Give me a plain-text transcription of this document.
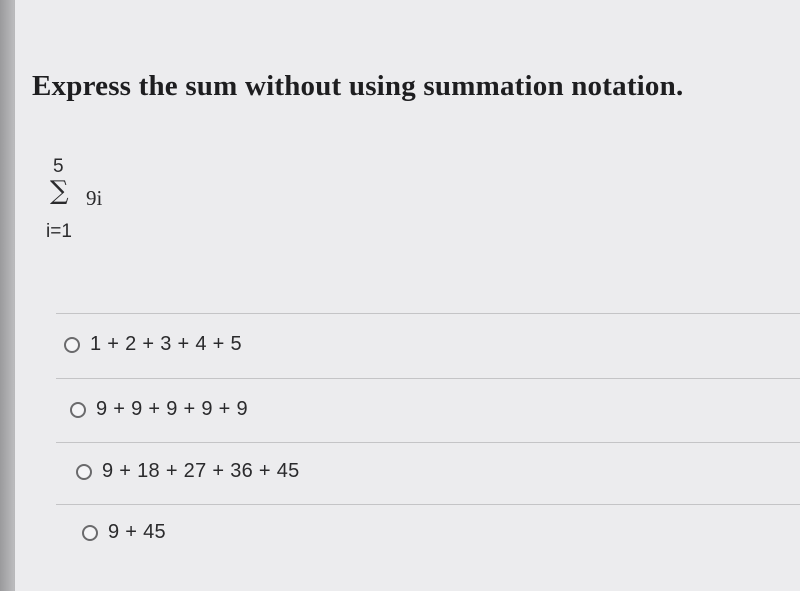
Express the sum without using summation notation.
5
∑ 9i
i=1
1 + 2 + 3 + 4 + 5
9 + 9 + 9 + 9 + 9
9 + 18 + 27 + 36 + 45
9 + 45
